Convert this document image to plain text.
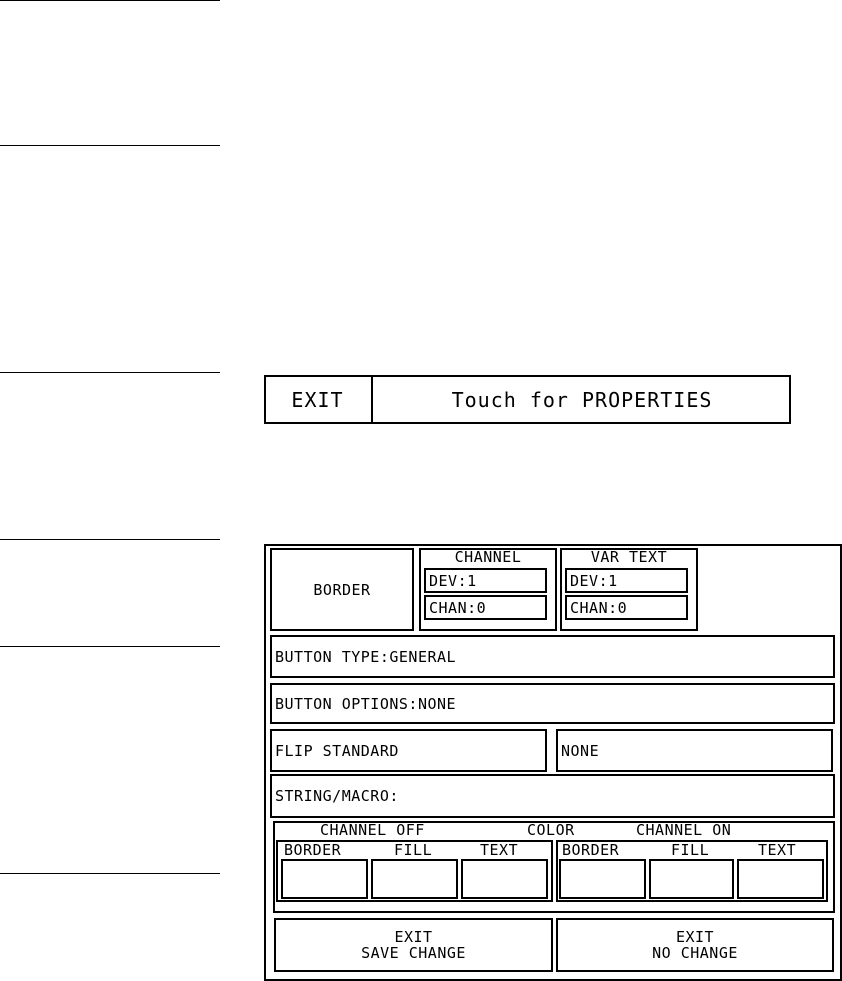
EXIT	Touch for PROPERTIES
BORDER
CHANNEL
DEV:1
CHAN:0
VAR TEXT
DEV:1
CHAN:0
BUTTON TYPE:GENERAL
BUTTON OPTIONS:NONE
FLIP STANDARD	NONE
STRING/MACRO:
CHANNEL OFF	COLOR	CHANNEL ON
BORDER	FILL	TEXT	BORDER	FILL	TEXT
EXIT
SAVE CHANGE
EXIT
NO CHANGE
